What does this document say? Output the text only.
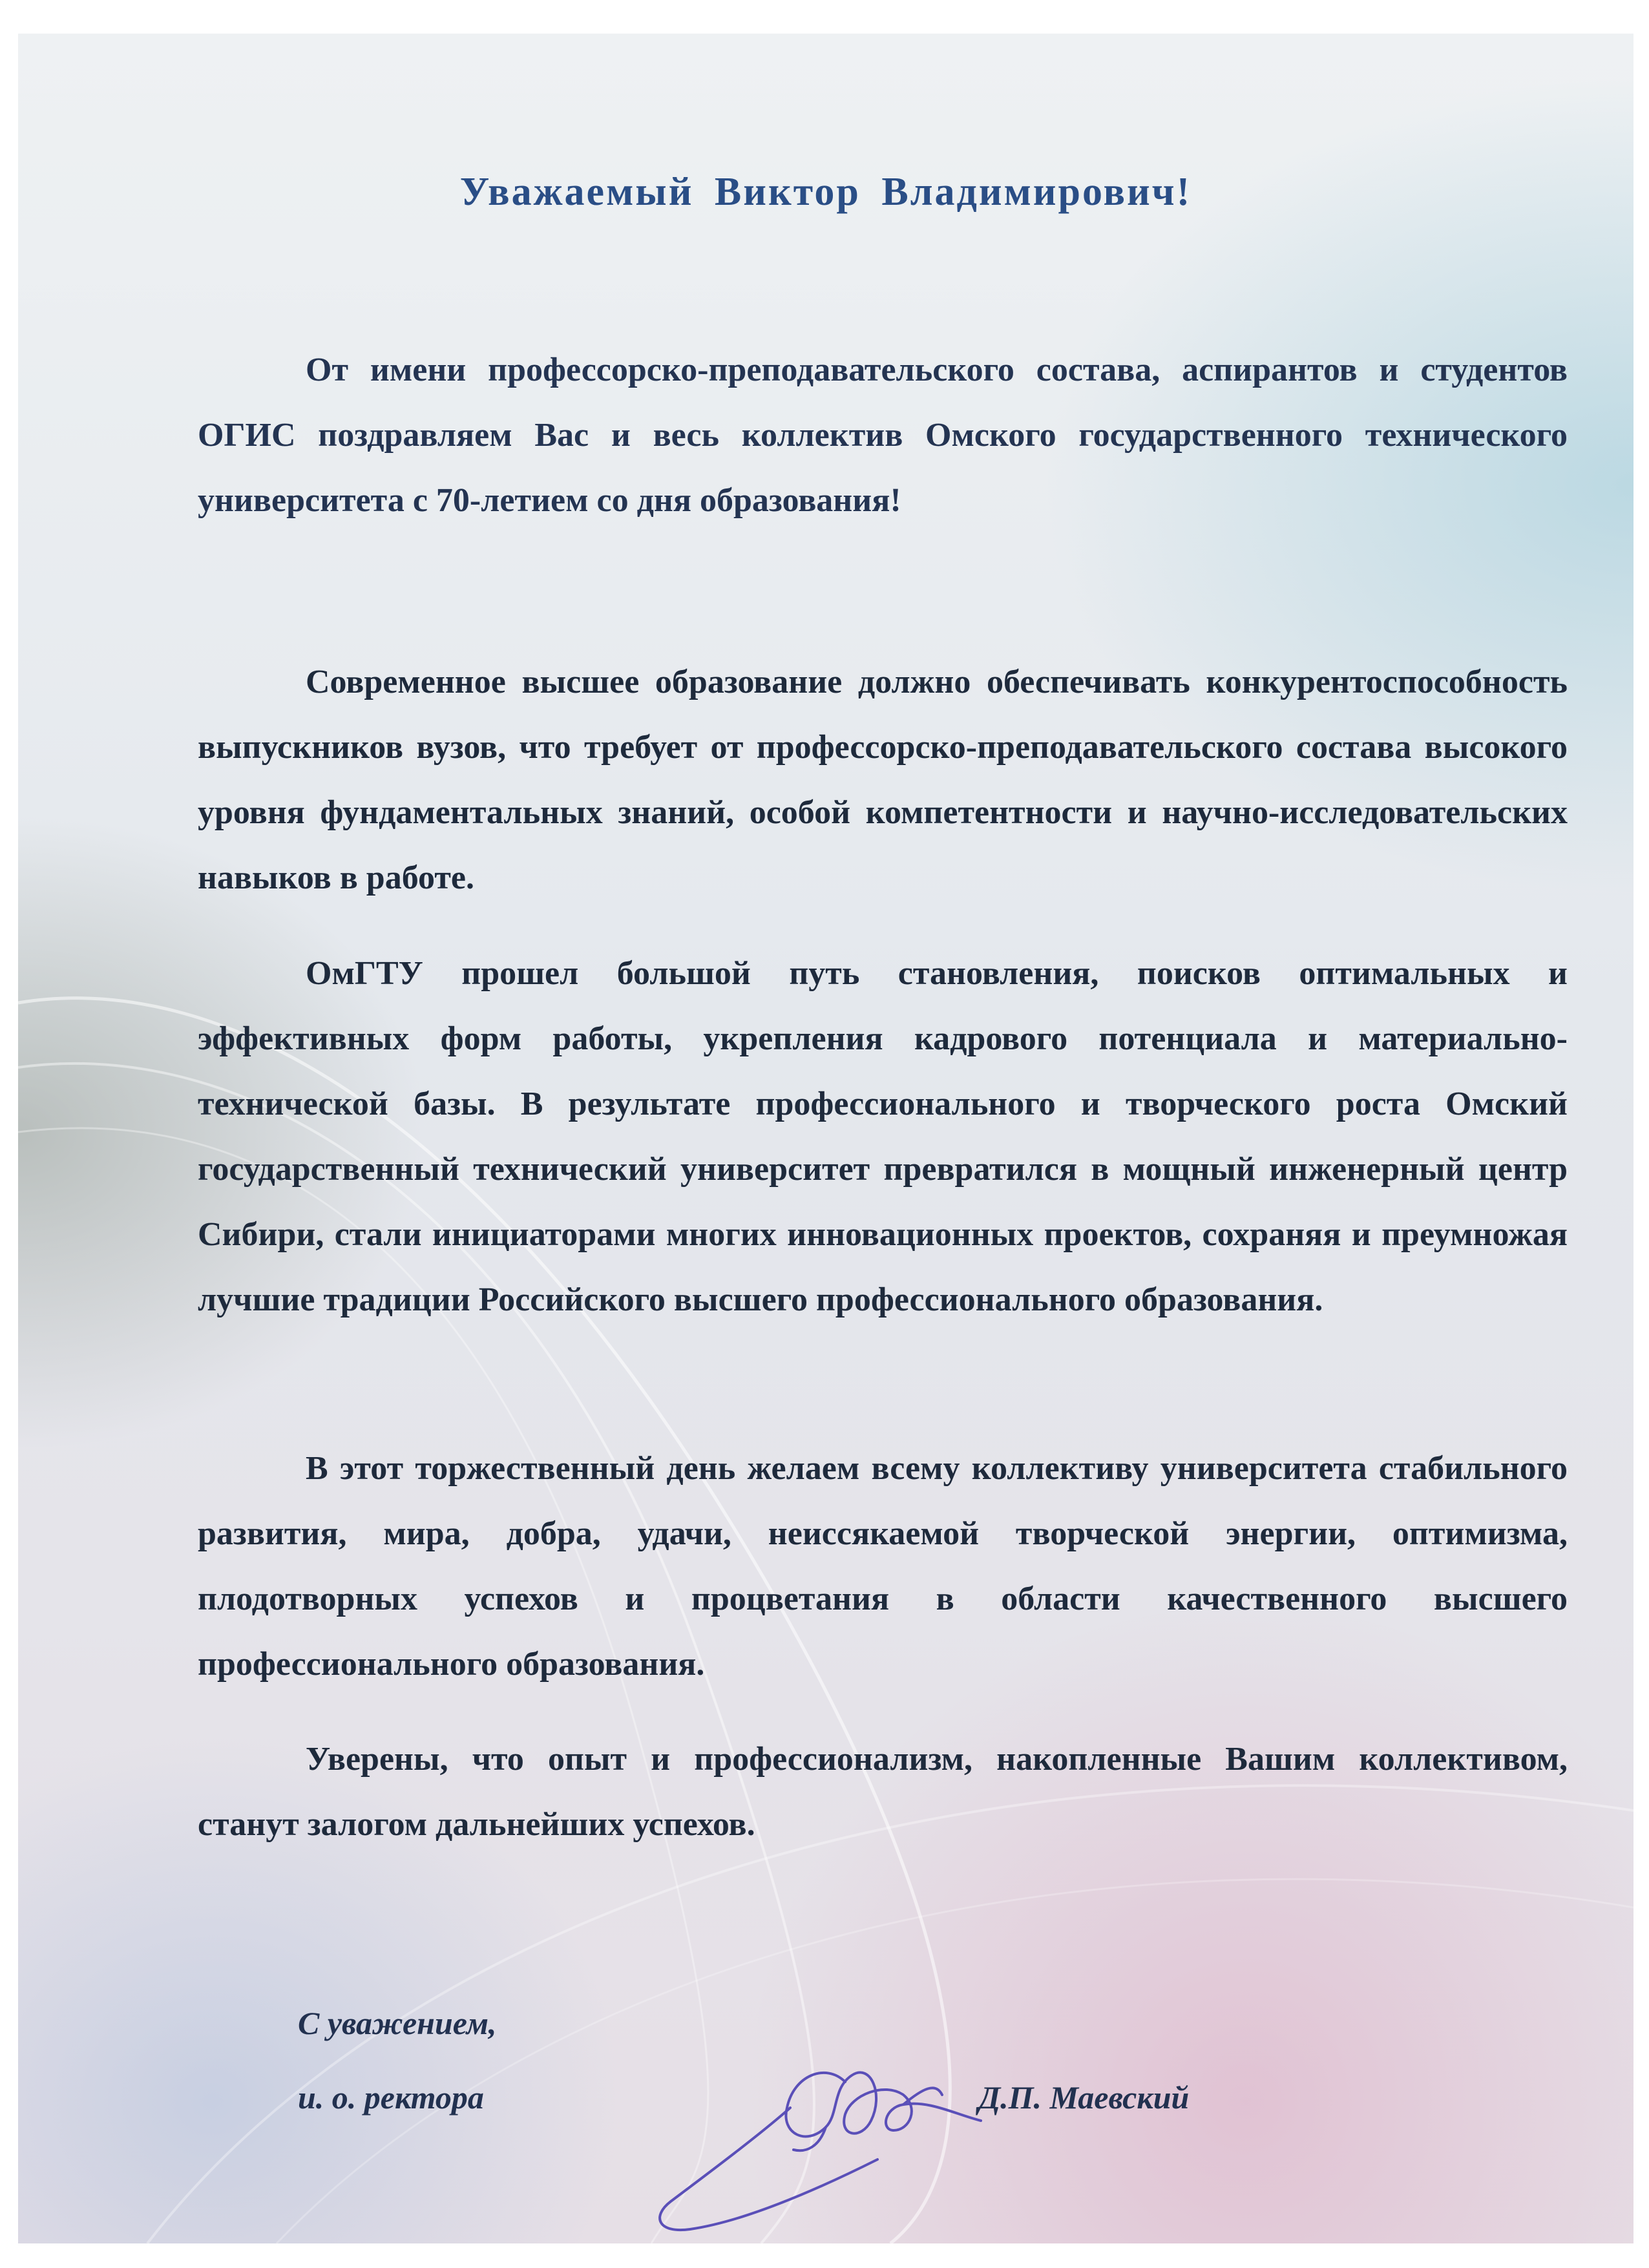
Уважаемый Виктор Владимирович!

От имени профессорско-преподавательского состава, аспирантов и студентов ОГИС поздравляем Вас и весь коллектив Омского государственного технического университета с 70-летием со дня образования!

Современное высшее образование должно обеспечивать конкурентоспособность выпускников вузов, что требует от профессорско-преподавательского состава высокого уровня фундаментальных знаний, особой компетентности и научно-исследовательских навыков в работе.

ОмГТУ прошел большой путь становления, поисков оптимальных и эффективных форм работы, укрепления кадрового потенциала и материально-технической базы. В результате профессионального и творческого роста Омский государственный технический университет превратился в мощный инженерный центр Сибири, стали инициаторами многих инновационных проектов, сохраняя и преумножая лучшие традиции Российского высшего профессионального образования.

В этот торжественный день желаем всему коллективу университета стабильного развития, мира, добра, удачи, неиссякаемой творческой энергии, оптимизма, плодотворных успехов и процветания в области качественного высшего профессионального образования.

Уверены, что опыт и профессионализм, накопленные Вашим коллективом, станут залогом дальнейших успехов.

С уважением,
и. о. ректора	Д.П. Маевский
